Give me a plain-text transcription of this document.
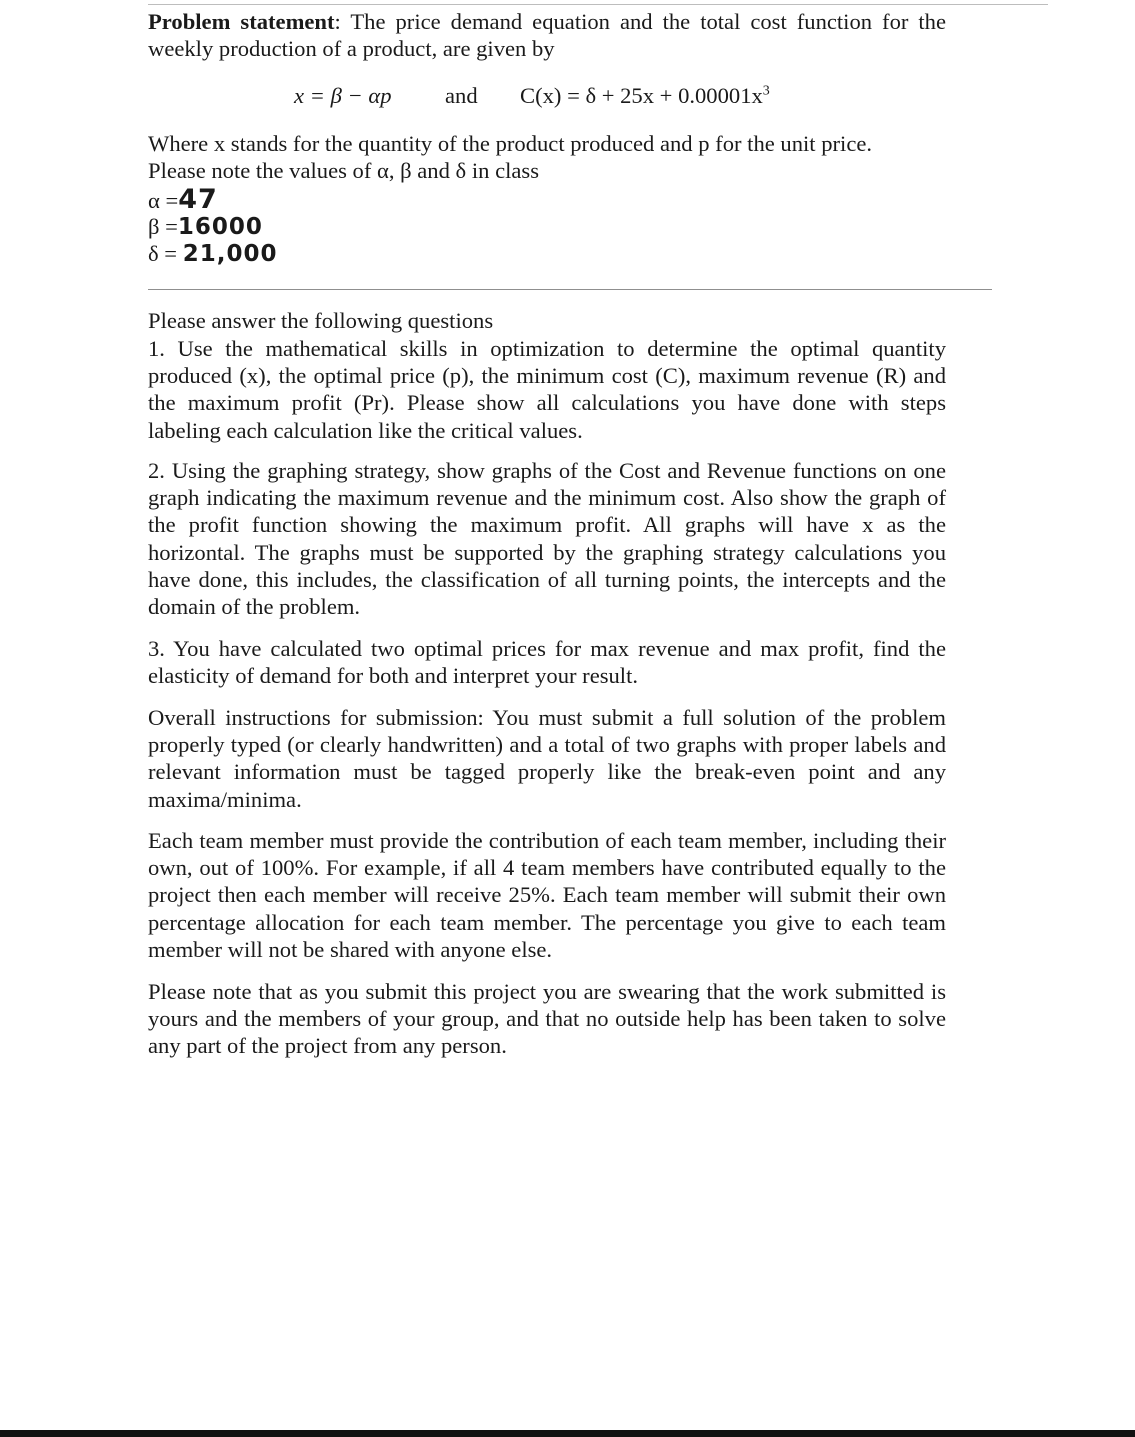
Problem statement: The price demand equation and the total cost function for the weekly production of a product, are given by

x = β − αp and $C(x) = \delta + 25x + 0.00001x^3$

Where x stands for the quantity of the product produced and p for the unit price.

Please note the values of α, β and δ in class

α =47
β =16000
δ = 21,000

Please answer the following questions

1. Use the mathematical skills in optimization to determine the optimal quantity produced (x), the optimal price (p), the minimum cost (C), maximum revenue (R) and the maximum profit (Pr). Please show all calculations you have done with steps labeling each calculation like the critical values.

2. Using the graphing strategy, show graphs of the Cost and Revenue functions on one graph indicating the maximum revenue and the minimum cost. Also show the graph of the profit function showing the maximum profit. All graphs will have x as the horizontal. The graphs must be supported by the graphing strategy calculations you have done, this includes, the classification of all turning points, the intercepts and the domain of the problem.

3. You have calculated two optimal prices for max revenue and max profit, find the elasticity of demand for both and interpret your result.

Overall instructions for submission: You must submit a full solution of the problem properly typed (or clearly handwritten) and a total of two graphs with proper labels and relevant information must be tagged properly like the break-even point and any maxima/minima.

Each team member must provide the contribution of each team member, including their own, out of 100%. For example, if all 4 team members have contributed equally to the project then each member will receive 25%. Each team member will submit their own percentage allocation for each team member. The percentage you give to each team member will not be shared with anyone else.

Please note that as you submit this project you are swearing that the work submitted is yours and the members of your group, and that no outside help has been taken to solve any part of the project from any person.
